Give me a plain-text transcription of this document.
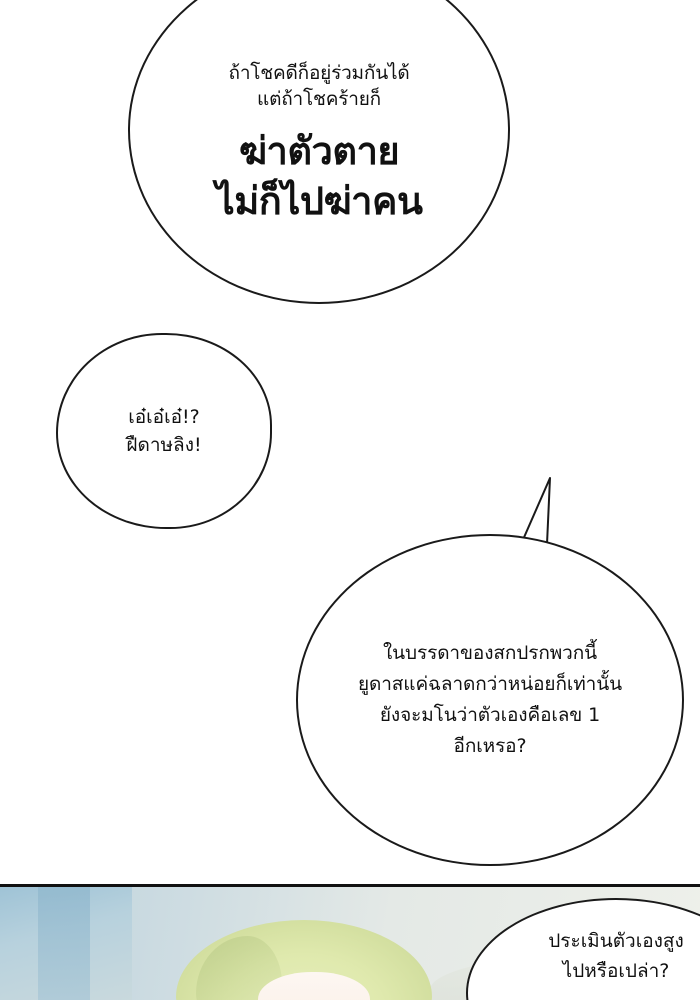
ถ้าโชคดีก็อยู่ร่วมกันได้
แต่ถ้าโชคร้ายก็
ฆ่าตัวตาย
ไม่ก็ไปฆ่าคน
เอ๋เอ๋เอ๋!?
ฝืดาษลิง!
ในบรรดาของสกปรกพวกนี้
ยูดาสแค่ฉลาดกว่าหน่อยก็เท่านั้น
ยังจะมโนว่าตัวเองคือเลข 1
อีกเหรอ?
ประเมินตัวเองสูง
ไปหรือเปล่า?
